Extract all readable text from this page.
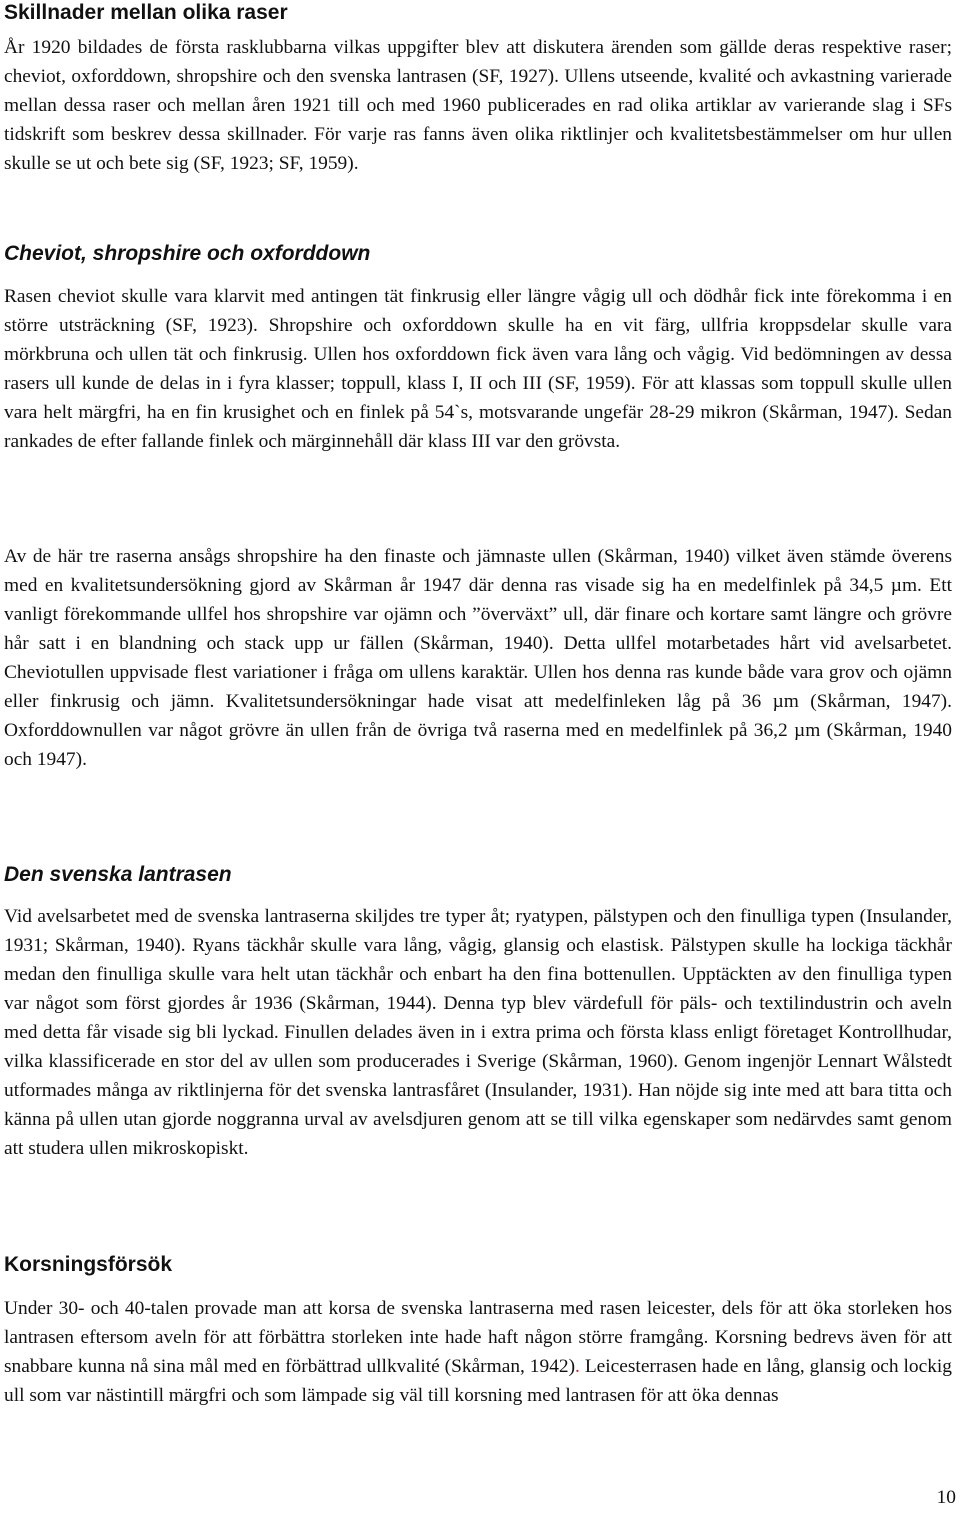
Skillnader mellan olika raser

År 1920 bildades de första rasklubbarna vilkas uppgifter blev att diskutera ärenden som gällde deras respektive raser; cheviot, oxforddown, shropshire och den svenska lantrasen (SF, 1927). Ullens utseende, kvalité och avkastning varierade mellan dessa raser och mellan åren 1921 till och med 1960 publicerades en rad olika artiklar av varierande slag i SFs tidskrift som beskrev dessa skillnader. För varje ras fanns även olika riktlinjer och kvalitetsbestämmelser om hur ullen skulle se ut och bete sig (SF, 1923; SF, 1959).

Cheviot, shropshire och oxforddown

Rasen cheviot skulle vara klarvit med antingen tät finkrusig eller längre vågig ull och dödhår fick inte förekomma i en större utsträckning (SF, 1923). Shropshire och oxforddown skulle ha en vit färg, ullfria kroppsdelar skulle vara mörkbruna och ullen tät och finkrusig. Ullen hos oxforddown fick även vara lång och vågig. Vid bedömningen av dessa rasers ull kunde de delas in i fyra klasser; toppull, klass I, II och III (SF, 1959). För att klassas som toppull skulle ullen vara helt märgfri, ha en fin krusighet och en finlek på 54`s, motsvarande ungefär 28-29 mikron (Skårman, 1947). Sedan rankades de efter fallande finlek och märginnehåll där klass III var den grövsta.

Av de här tre raserna ansågs shropshire ha den finaste och jämnaste ullen (Skårman, 1940) vilket även stämde överens med en kvalitetsundersökning gjord av Skårman år 1947 där denna ras visade sig ha en medelfinlek på 34,5 µm. Ett vanligt förekommande ullfel hos shropshire var ojämn och ”överväxt” ull, där finare och kortare samt längre och grövre hår satt i en blandning och stack upp ur fällen (Skårman, 1940). Detta ullfel motarbetades hårt vid avelsarbetet. Cheviotullen uppvisade flest variationer i fråga om ullens karaktär. Ullen hos denna ras kunde både vara grov och ojämn eller finkrusig och jämn. Kvalitetsundersökningar hade visat att medelfinleken låg på 36 µm (Skårman, 1947). Oxforddownullen var något grövre än ullen från de övriga två raserna med en medelfinlek på 36,2 µm (Skårman, 1940 och 1947).

Den svenska lantrasen

Vid avelsarbetet med de svenska lantraserna skiljdes tre typer åt; ryatypen, pälstypen och den finulliga typen (Insulander, 1931; Skårman, 1940). Ryans täckhår skulle vara lång, vågig, glansig och elastisk. Pälstypen skulle ha lockiga täckhår medan den finulliga skulle vara helt utan täckhår och enbart ha den fina bottenullen. Upptäckten av den finulliga typen var något som först gjordes år 1936 (Skårman, 1944). Denna typ blev värdefull för päls- och textilindustrin och aveln med detta får visade sig bli lyckad. Finullen delades även in i extra prima och första klass enligt företaget Kontrollhudar, vilka klassificerade en stor del av ullen som producerades i Sverige (Skårman, 1960). Genom ingenjör Lennart Wålstedt utformades många av riktlinjerna för det svenska lantrasfåret (Insulander, 1931). Han nöjde sig inte med att bara titta och känna på ullen utan gjorde noggranna urval av avelsdjuren genom att se till vilka egenskaper som nedärvdes samt genom att studera ullen mikroskopiskt.

Korsningsförsök

Under 30- och 40-talen provade man att korsa de svenska lantraserna med rasen leicester, dels för att öka storleken hos lantrasen eftersom aveln för att förbättra storleken inte hade haft någon större framgång. Korsning bedrevs även för att snabbare kunna nå sina mål med en förbättrad ullkvalité (Skårman, 1942). Leicesterrasen hade en lång, glansig och lockig ull som var nästintill märgfri och som lämpade sig väl till korsning med lantrasen för att öka dennas

10
